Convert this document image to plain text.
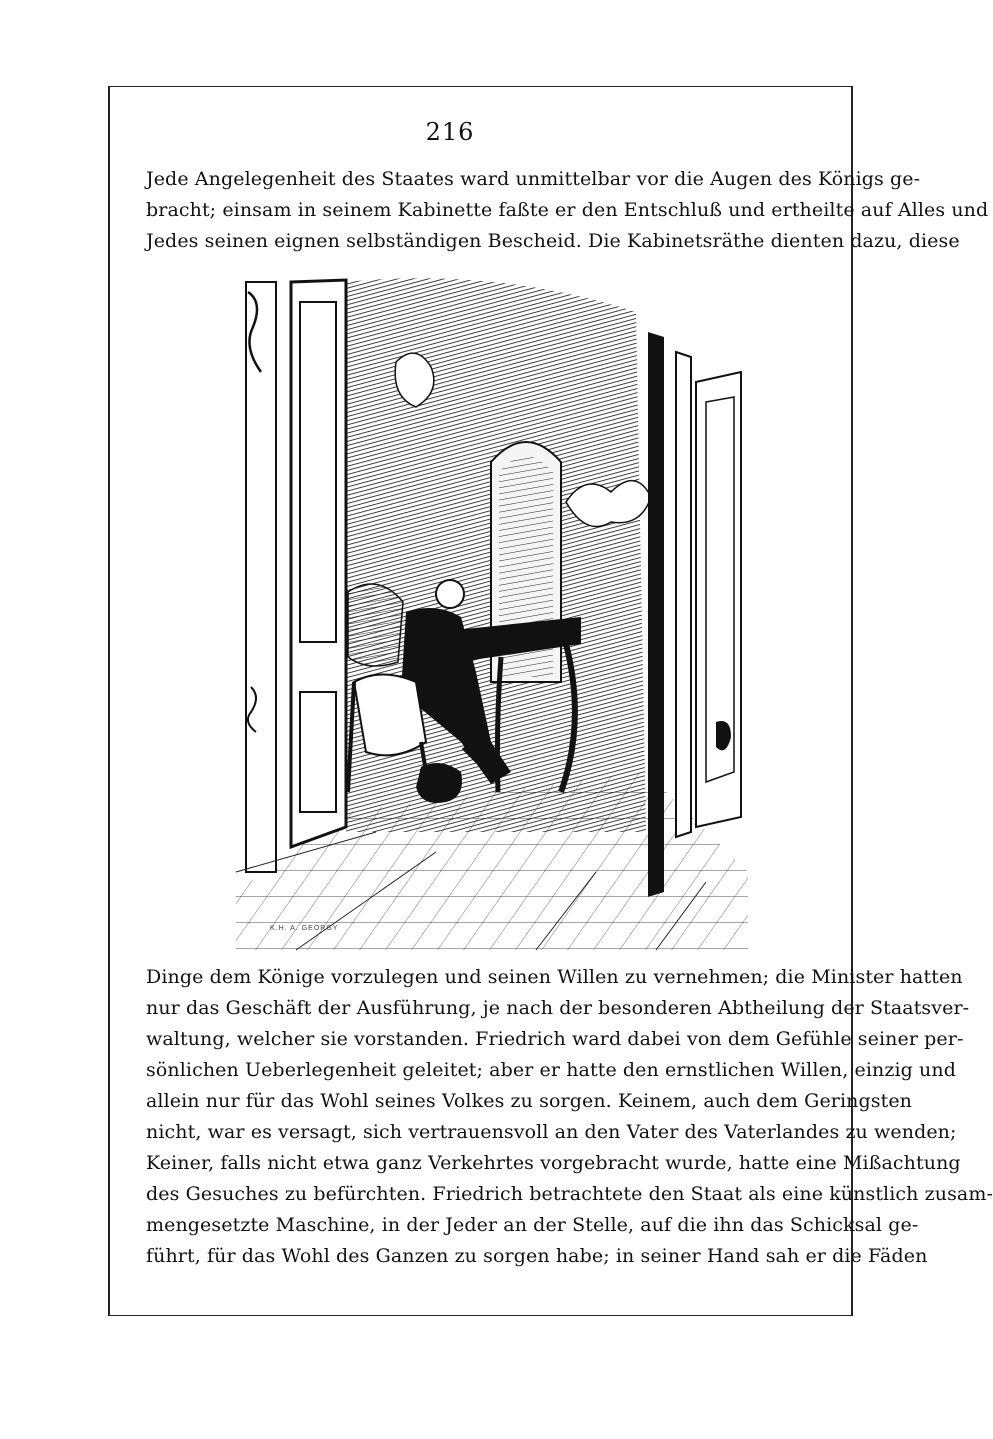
216

Jede Angelegenheit des Staates ward unmittelbar vor die Augen des Königs ge-
bracht; einsam in seinem Kabinette faßte er den Entschluß und ertheilte auf Alles und
Jedes seinen eignen selbständigen Bescheid. Die Kabinetsräthe dienten dazu, diese

K.H. A. GEORGY

Dinge dem Könige vorzulegen und seinen Willen zu vernehmen; die Minister hatten
nur das Geschäft der Ausführung, je nach der besonderen Abtheilung der Staatsver-
waltung, welcher sie vorstanden. Friedrich ward dabei von dem Gefühle seiner per-
sönlichen Ueberlegenheit geleitet; aber er hatte den ernstlichen Willen, einzig und
allein nur für das Wohl seines Volkes zu sorgen. Keinem, auch dem Geringsten
nicht, war es versagt, sich vertrauensvoll an den Vater des Vaterlandes zu wenden;
Keiner, falls nicht etwa ganz Verkehrtes vorgebracht wurde, hatte eine Mißachtung
des Gesuches zu befürchten. Friedrich betrachtete den Staat als eine künstlich zusam-
mengesetzte Maschine, in der Jeder an der Stelle, auf die ihn das Schicksal ge-
führt, für das Wohl des Ganzen zu sorgen habe; in seiner Hand sah er die Fäden
